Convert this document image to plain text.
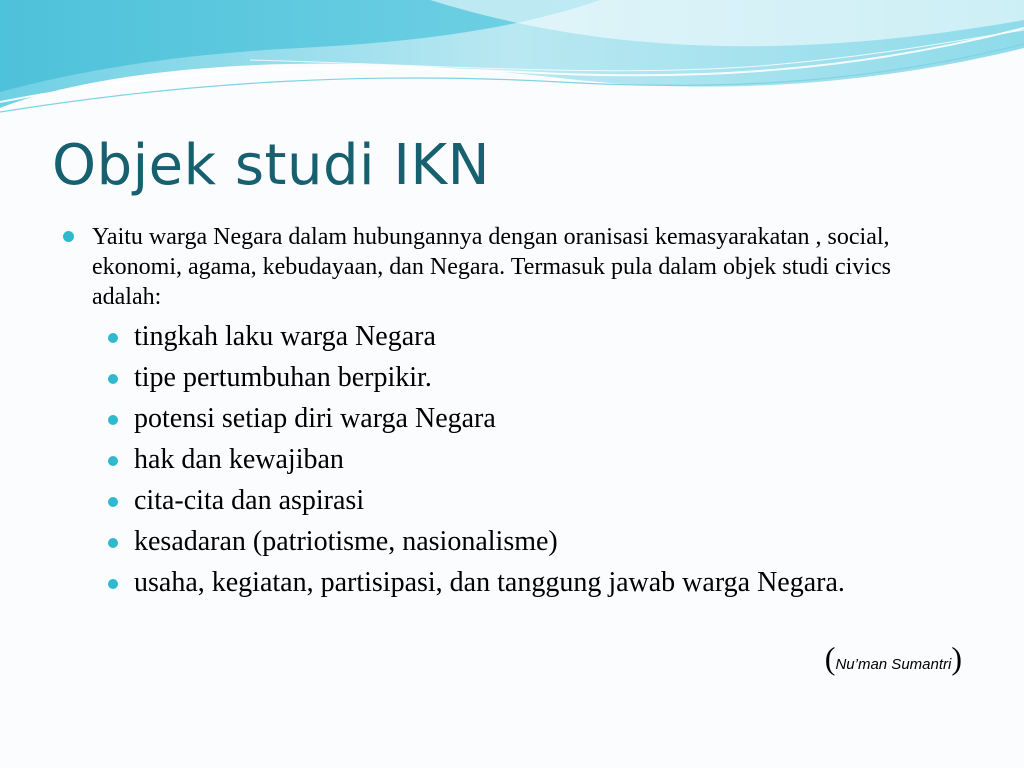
Objek studi IKN
Yaitu warga Negara dalam hubungannya dengan oranisasi kemasyarakatan , social, ekonomi, agama, kebudayaan, dan Negara. Termasuk pula dalam objek studi civics adalah:
tingkah laku warga Negara
tipe pertumbuhan berpikir.
potensi setiap diri warga Negara
hak dan kewajiban
cita-cita dan aspirasi
kesadaran (patriotisme, nasionalisme)
usaha, kegiatan, partisipasi, dan tanggung jawab warga Negara.
(Nu’man Sumantri)
